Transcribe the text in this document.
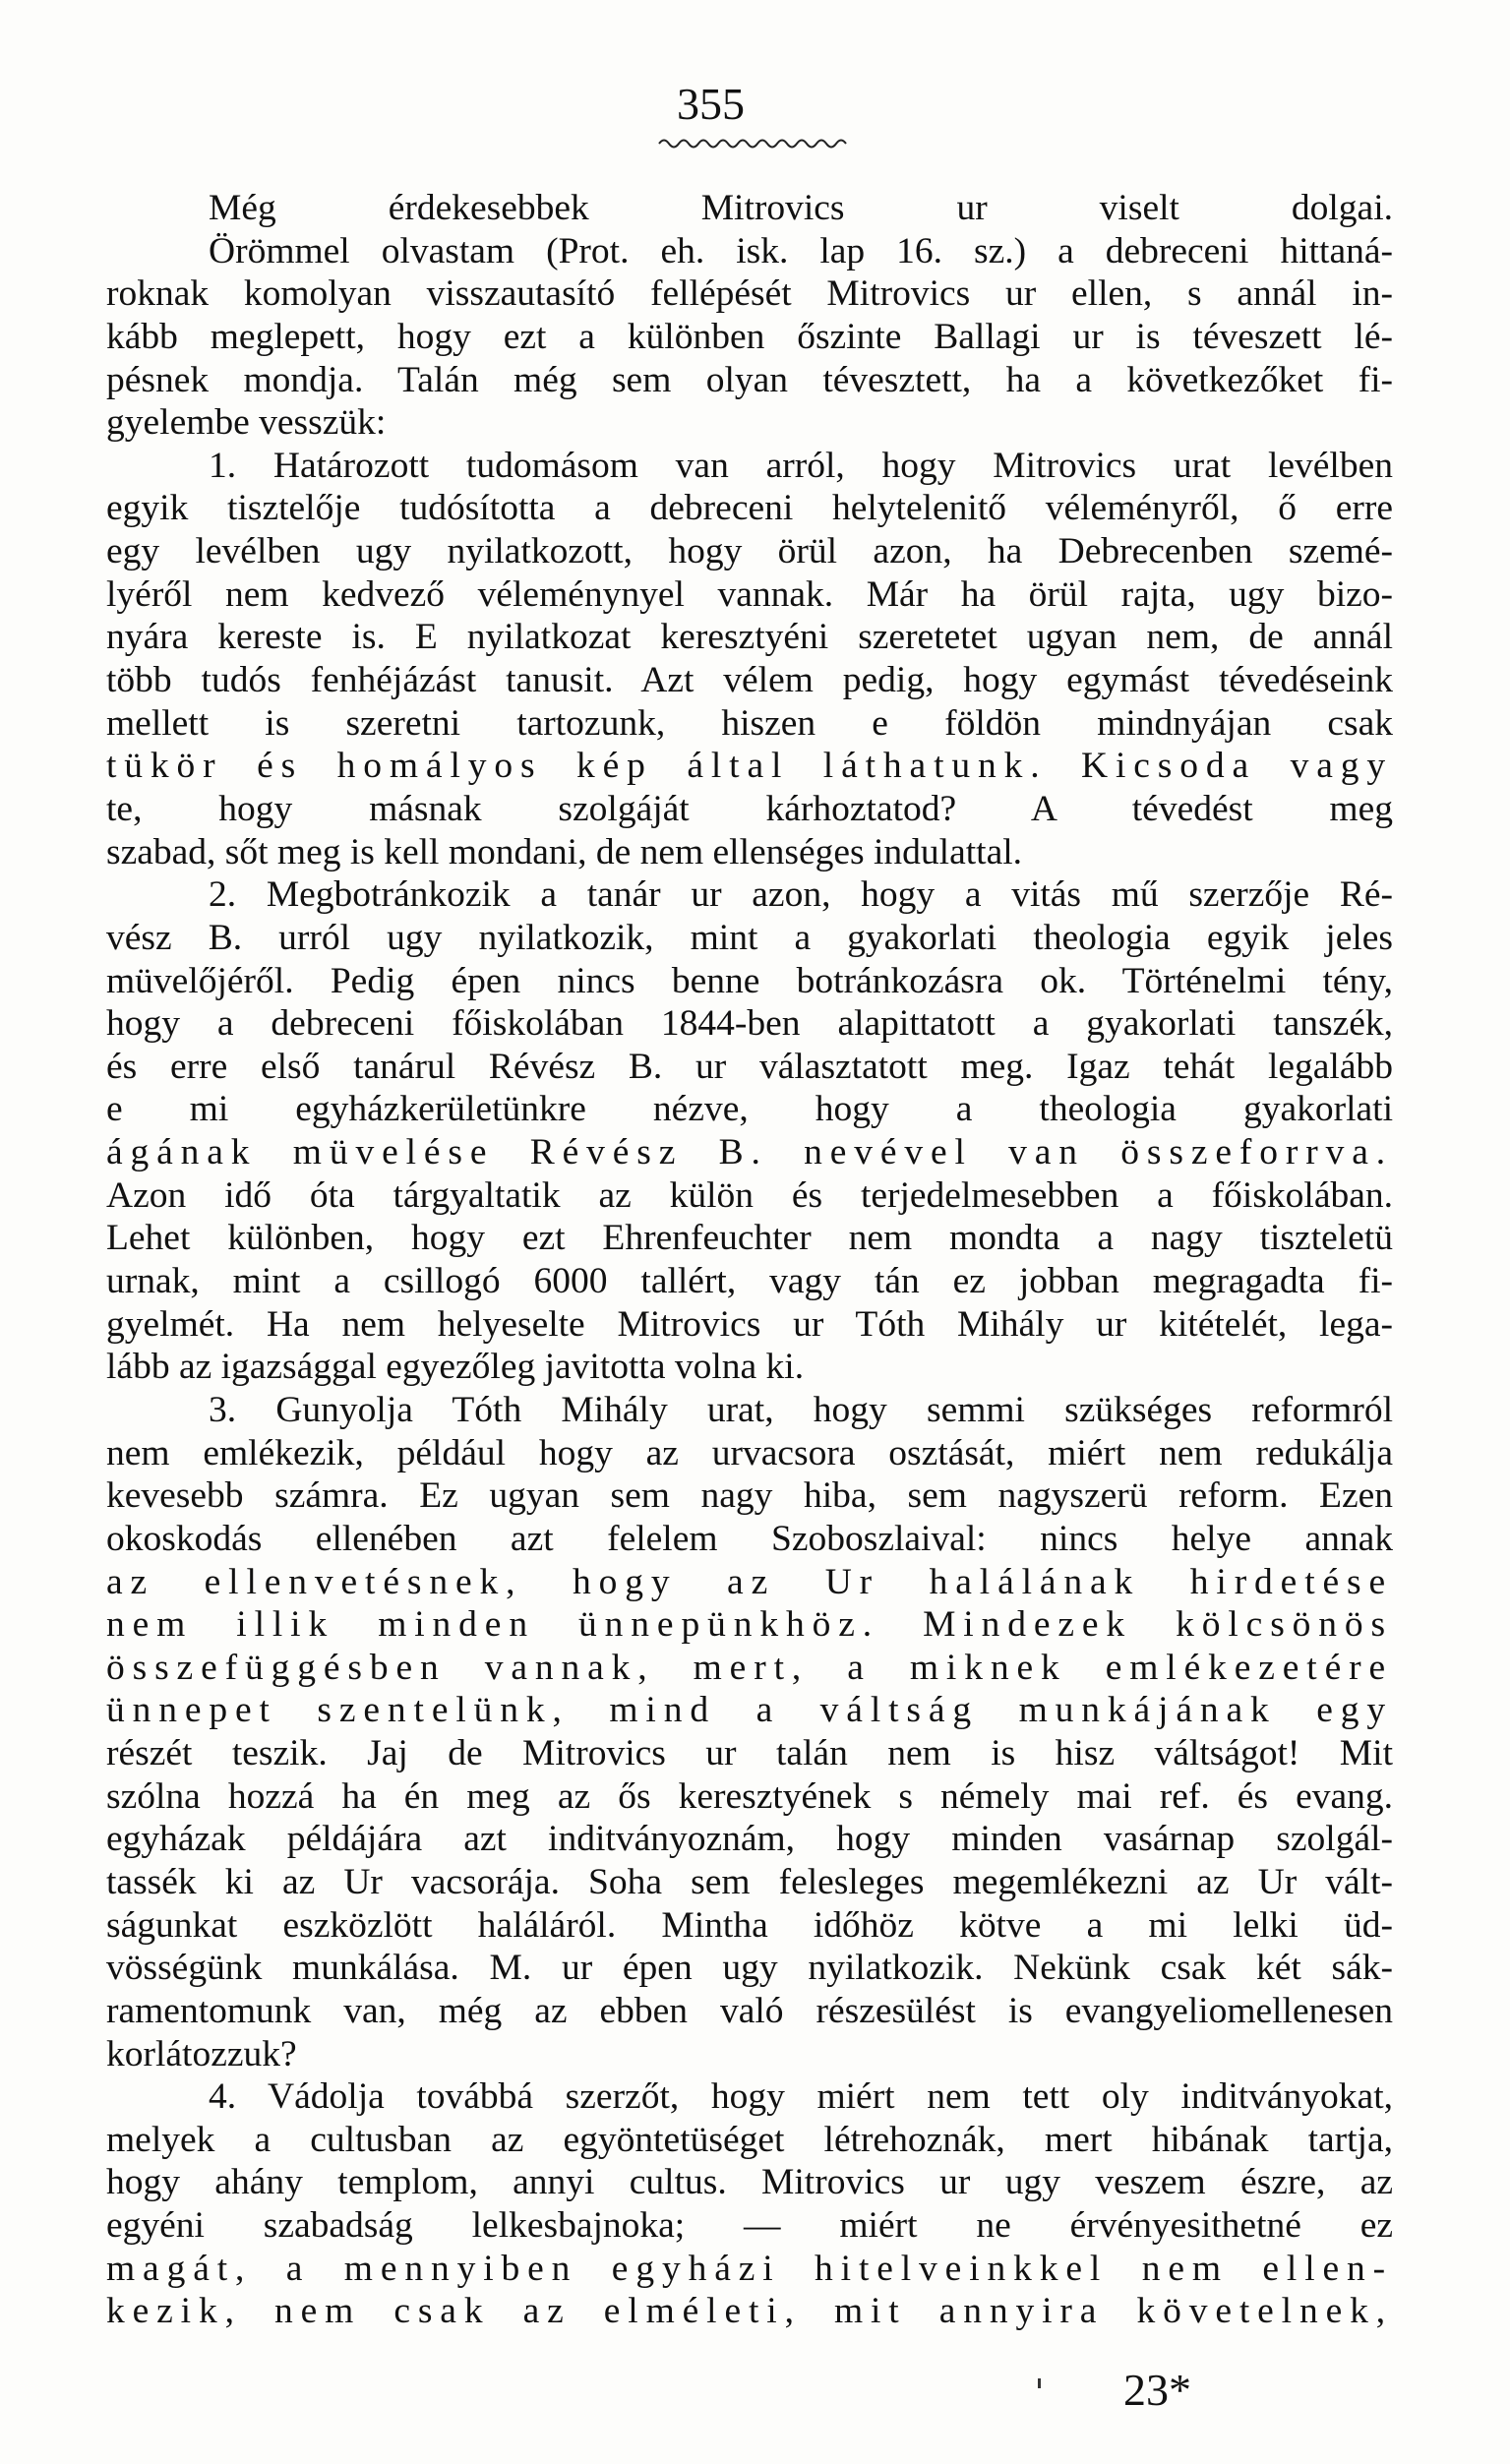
355
Még érdekesebbek Mitrovics ur viselt dolgai.
Örömmel olvastam (Prot. eh. isk. lap 16. sz.) a debreceni hittaná-
roknak komolyan visszautasító fellépését Mitrovics ur ellen, s annál in-
kább meglepett, hogy ezt a különben őszinte Ballagi ur is téveszett lé-
pésnek mondja. Talán még sem olyan tévesztett, ha a következőket fi-
gyelembe vesszük:
1. Határozott tudomásom van arról, hogy Mitrovics urat levélben
egyik tisztelője tudósította a debreceni helytelenitő véleményről, ő erre
egy levélben ugy nyilatkozott, hogy örül azon, ha Debrecenben szemé-
lyéről nem kedvező véleménynyel vannak. Már ha örül rajta, ugy bizo-
nyára kereste is. E nyilatkozat keresztyéni szeretetet ugyan nem, de annál
több tudós fenhéjázást tanusit. Azt vélem pedig, hogy egymást tévedéseink
mellett is szeretni tartozunk, hiszen e földön mindnyájan csak
tükör és homályos kép által láthatunk. Kicsoda vagy
te, hogy másnak szolgáját kárhoztatod? A tévedést meg
szabad, sőt meg is kell mondani, de nem ellenséges indulattal.
2. Megbotránkozik a tanár ur azon, hogy a vitás mű szerzője Ré-
vész B. urról ugy nyilatkozik, mint a gyakorlati theologia egyik jeles
müvelőjéről. Pedig épen nincs benne botránkozásra ok. Történelmi tény,
hogy a debreceni főiskolában 1844-ben alapittatott a gyakorlati tanszék,
és erre első tanárul Révész B. ur választatott meg. Igaz tehát legalább
e mi egyházkerületünkre nézve, hogy a theologia gyakorlati
ágának müvelése Révész B. nevével van összeforrva.
Azon idő óta tárgyaltatik az külön és terjedelmesebben a főiskolában.
Lehet különben, hogy ezt Ehrenfeuchter nem mondta a nagy tiszteletü
urnak, mint a csillogó 6000 tallért, vagy tán ez jobban megragadta fi-
gyelmét. Ha nem helyeselte Mitrovics ur Tóth Mihály ur kitételét, lega-
lább az igazsággal egyezőleg javitotta volna ki.
3. Gunyolja Tóth Mihály urat, hogy semmi szükséges reformról
nem emlékezik, például hogy az urvacsora osztását, miért nem redukálja
kevesebb számra. Ez ugyan sem nagy hiba, sem nagyszerü reform. Ezen
okoskodás ellenében azt felelem Szoboszlaival: nincs helye annak
az ellenvetésnek, hogy az Ur halálának hirdetése
nem illik minden ünnepünkhöz. Mindezek kölcsönös
összefüggésben vannak, mert, a miknek emlékezetére
ünnepet szentelünk, mind a váltság munkájának egy
részét teszik. Jaj de Mitrovics ur talán nem is hisz váltságot! Mit
szólna hozzá ha én meg az ős keresztyének s némely mai ref. és evang.
egyházak példájára azt inditványoznám, hogy minden vasárnap szolgál-
tassék ki az Ur vacsorája. Soha sem felesleges megemlékezni az Ur vált-
ságunkat eszközlött haláláról. Mintha időhöz kötve a mi lelki üd-
vösségünk munkálása. M. ur épen ugy nyilatkozik. Nekünk csak két sák-
ramentomunk van, még az ebben való részesülést is evangyeliomellenesen
korlátozzuk?
4. Vádolja továbbá szerzőt, hogy miért nem tett oly inditványokat,
melyek a cultusban az egyöntetüséget létrehoznák, mert hibának tartja,
hogy ahány templom, annyi cultus. Mitrovics ur ugy veszem észre, az
egyéni szabadság lelkesbajnoka; — miért ne érvényesithetné ez
magát, a mennyiben egyházi hitelveinkkel nem ellen-
kezik, nem csak az elméleti, mit annyira követelnek,
23*
